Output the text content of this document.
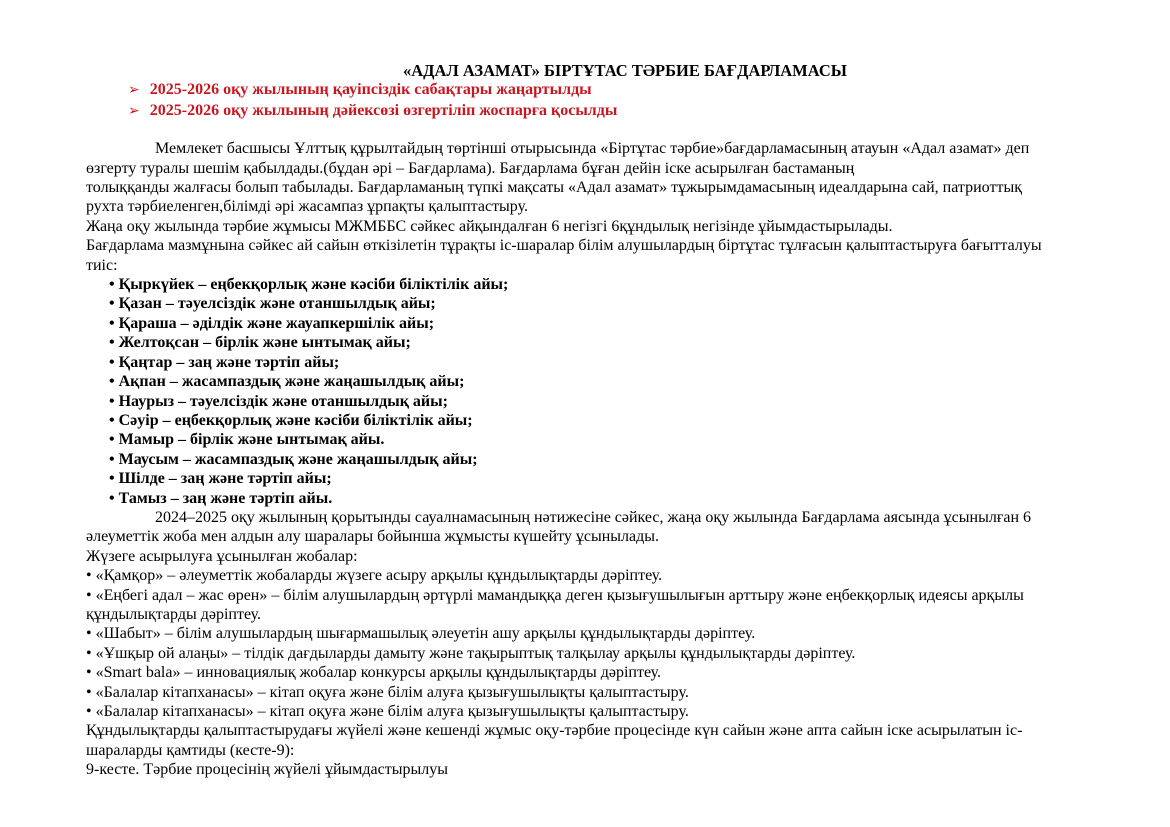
«АДАЛ АЗАМАТ» БІРТҰТАС ТӘРБИЕ БАҒДАРЛАМАСЫ
➢ 2025-2026 оқу жылының қауіпсіздік сабақтары жаңартылды
➢ 2025-2026 оқу жылының дәйексөзі өзгертіліп жоспарға қосылды
Мемлекет басшысы Ұлттық құрылтайдың төртінші отырысында «Біртұтас тәрбие»бағдарламасының атауын «Адал азамат» деп
өзгерту туралы шешім қабылдады.(бұдан әрі – Бағдарлама). Бағдарлама бұған дейін іске асырылған бастаманың
толыққанды жалғасы болып табылады. Бағдарламаның түпкі мақсаты «Адал азамат» тұжырымдамасының идеалдарына сай, патриоттық
рухта тәрбиеленген,білімді әрі жасампаз ұрпақты қалыптастыру.
Жаңа оқу жылында тәрбие жұмысы МЖМББС сәйкес айқындалған 6 негізгі 6құндылық негізінде ұйымдастырылады.
Бағдарлама мазмұнына сәйкес ай сайын өткізілетін тұрақты іс-шаралар білім алушылардың біртұтас тұлғасын қалыптастыруға бағытталуы
тиіс:
• Қыркүйек – еңбекқорлық және кәсіби біліктілік айы;
• Қазан – тәуелсіздік және отаншылдық айы;
• Қараша – әділдік және жауапкершілік айы;
• Желтоқсан – бірлік және ынтымақ айы;
• Қаңтар – заң және тәртіп айы;
• Ақпан – жасампаздық және жаңашылдық айы;
• Наурыз – тәуелсіздік және отаншылдық айы;
• Сәуір – еңбекқорлық және кәсіби біліктілік айы;
• Мамыр – бірлік және ынтымақ айы.
• Маусым – жасампаздық және жаңашылдық айы;
• Шілде – заң және тәртіп айы;
• Тамыз – заң және тәртіп айы.
2024–2025 оқу жылының қорытынды сауалнамасының нәтижесіне сәйкес, жаңа оқу жылында Бағдарлама аясында ұсынылған 6
әлеуметтік жоба мен алдын алу шаралары бойынша жұмысты күшейту ұсынылады.
Жүзеге асырылуға ұсынылған жобалар:
• «Қамқор» – әлеуметтік жобаларды жүзеге асыру арқылы құндылықтарды дәріптеу.
• «Еңбегі адал – жас өрен» – білім алушылардың әртүрлі мамандыққа деген қызығушылығын арттыру және еңбекқорлық идеясы арқылы
құндылықтарды дәріптеу.
• «Шабыт» – білім алушылардың шығармашылық әлеуетін ашу арқылы құндылықтарды дәріптеу.
• «Ұшқыр ой алаңы» – тілдік дағдыларды дамыту және тақырыптық талқылау арқылы құндылықтарды дәріптеу.
• «Smart bala» – инновациялық жобалар конкурсы арқылы құндылықтарды дәріптеу.
• «Балалар кітапханасы» – кітап оқуға және білім алуға қызығушылықты қалыптастыру.
• «Балалар кітапханасы» – кітап оқуға және білім алуға қызығушылықты қалыптастыру.
Құндылықтарды қалыптастырудағы жүйелі және кешенді жұмыс оқу-тәрбие процесінде күн сайын және апта сайын іске асырылатын іс-
шараларды қамтиды (кесте-9):
9-кесте. Тәрбие процесінің жүйелі ұйымдастырылуы
